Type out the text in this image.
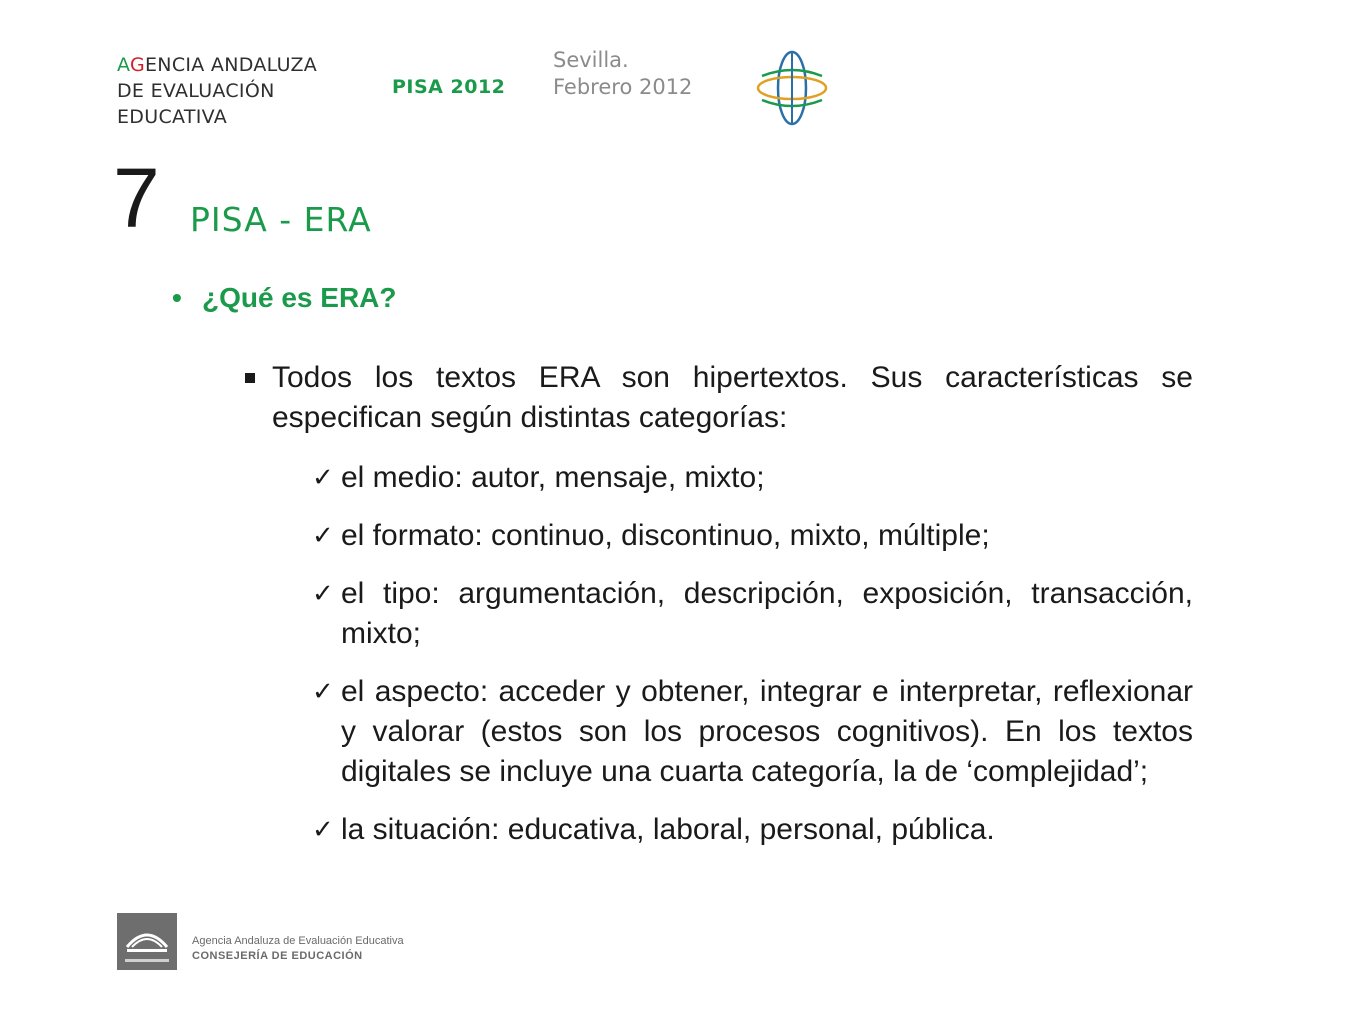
AGENCIA ANDALUZA
DE EVALUACIÓN
EDUCATIVA
PISA 2012
Sevilla.
Febrero 2012
7 PISA - ERA
• ¿Qué es ERA?
Todos los textos ERA son hipertextos. Sus características se especifican según distintas categorías:
✓ el medio: autor, mensaje, mixto;
✓ el formato: continuo, discontinuo, mixto, múltiple;
✓ el tipo: argumentación, descripción, exposición, transacción, mixto;
✓ el aspecto: acceder y obtener, integrar e interpretar, reflexionar y valorar (estos son los procesos cognitivos). En los textos digitales se incluye una cuarta categoría, la de ‘complejidad’;
✓ la situación: educativa, laboral, personal, pública.
Agencia Andaluza de Evaluación Educativa
CONSEJERÍA DE EDUCACIÓN
